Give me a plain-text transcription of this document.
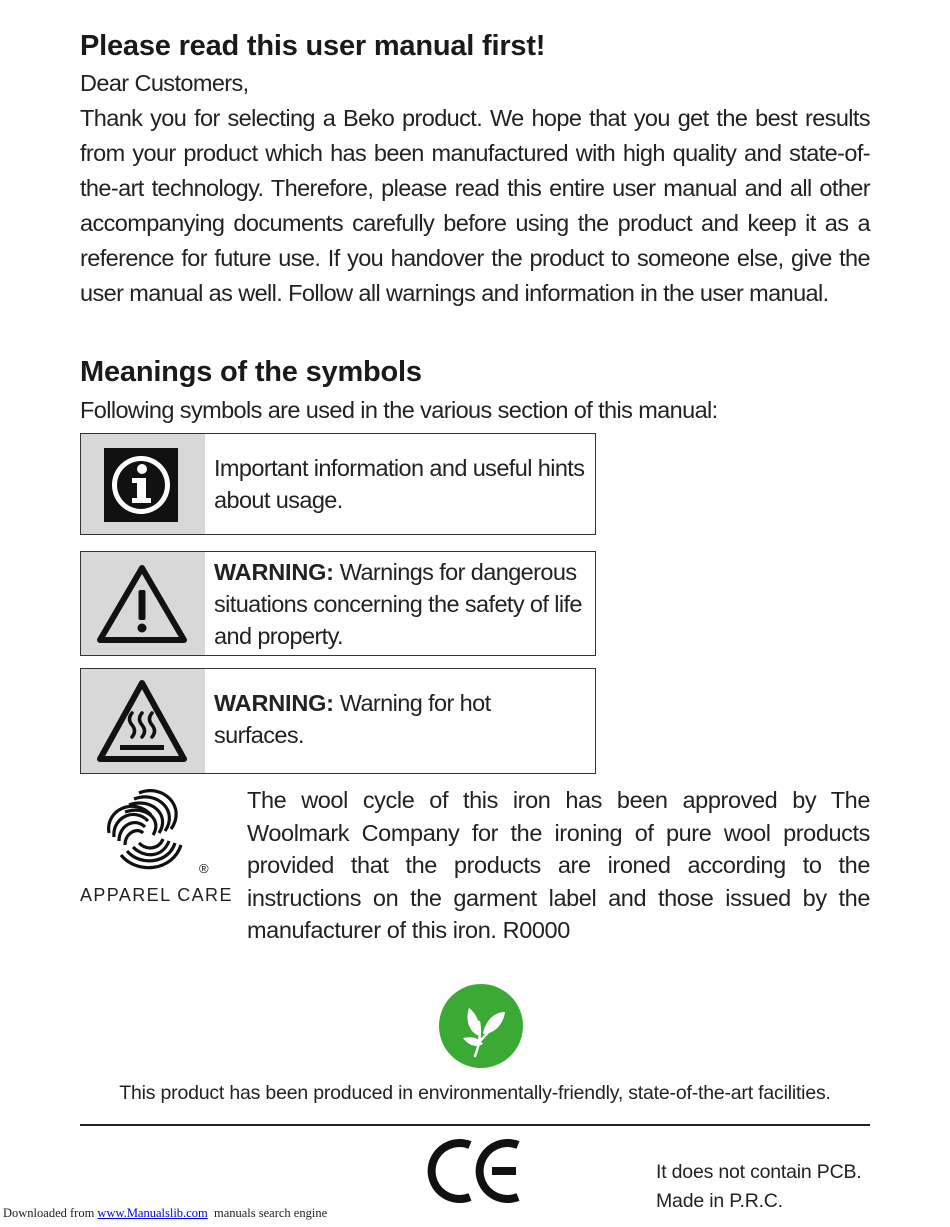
Please read this user manual first!
Dear Customers,
Thank you for selecting a Beko product. We hope that you get the best results from your product which has been manufactured with high quality and state-of-the-art technology. Therefore, please read this entire user manual and all other accompanying documents carefully before using the product and keep it as a reference for future use. If you handover the product to someone else, give the user manual as well. Follow all warnings and information in the user manual.
Meanings of the symbols
Following symbols are used in the various section of this manual:
Important information and useful hints about usage.
WARNING: Warnings for dangerous situations concerning the safety of life and property.
WARNING: Warning for hot surfaces.
®
APPAREL CARE
The wool cycle of this iron has been approved by The Woolmark Company for the ironing of pure wool products provided that the products are ironed according to the instructions on the garment label and those issued by the manufacturer of this iron. R0000
This product has been produced in environmentally-friendly, state-of-the-art facilities.
It does not contain PCB.
Made in P.R.C.
Downloaded from www.Manualslib.com  manuals search engine
